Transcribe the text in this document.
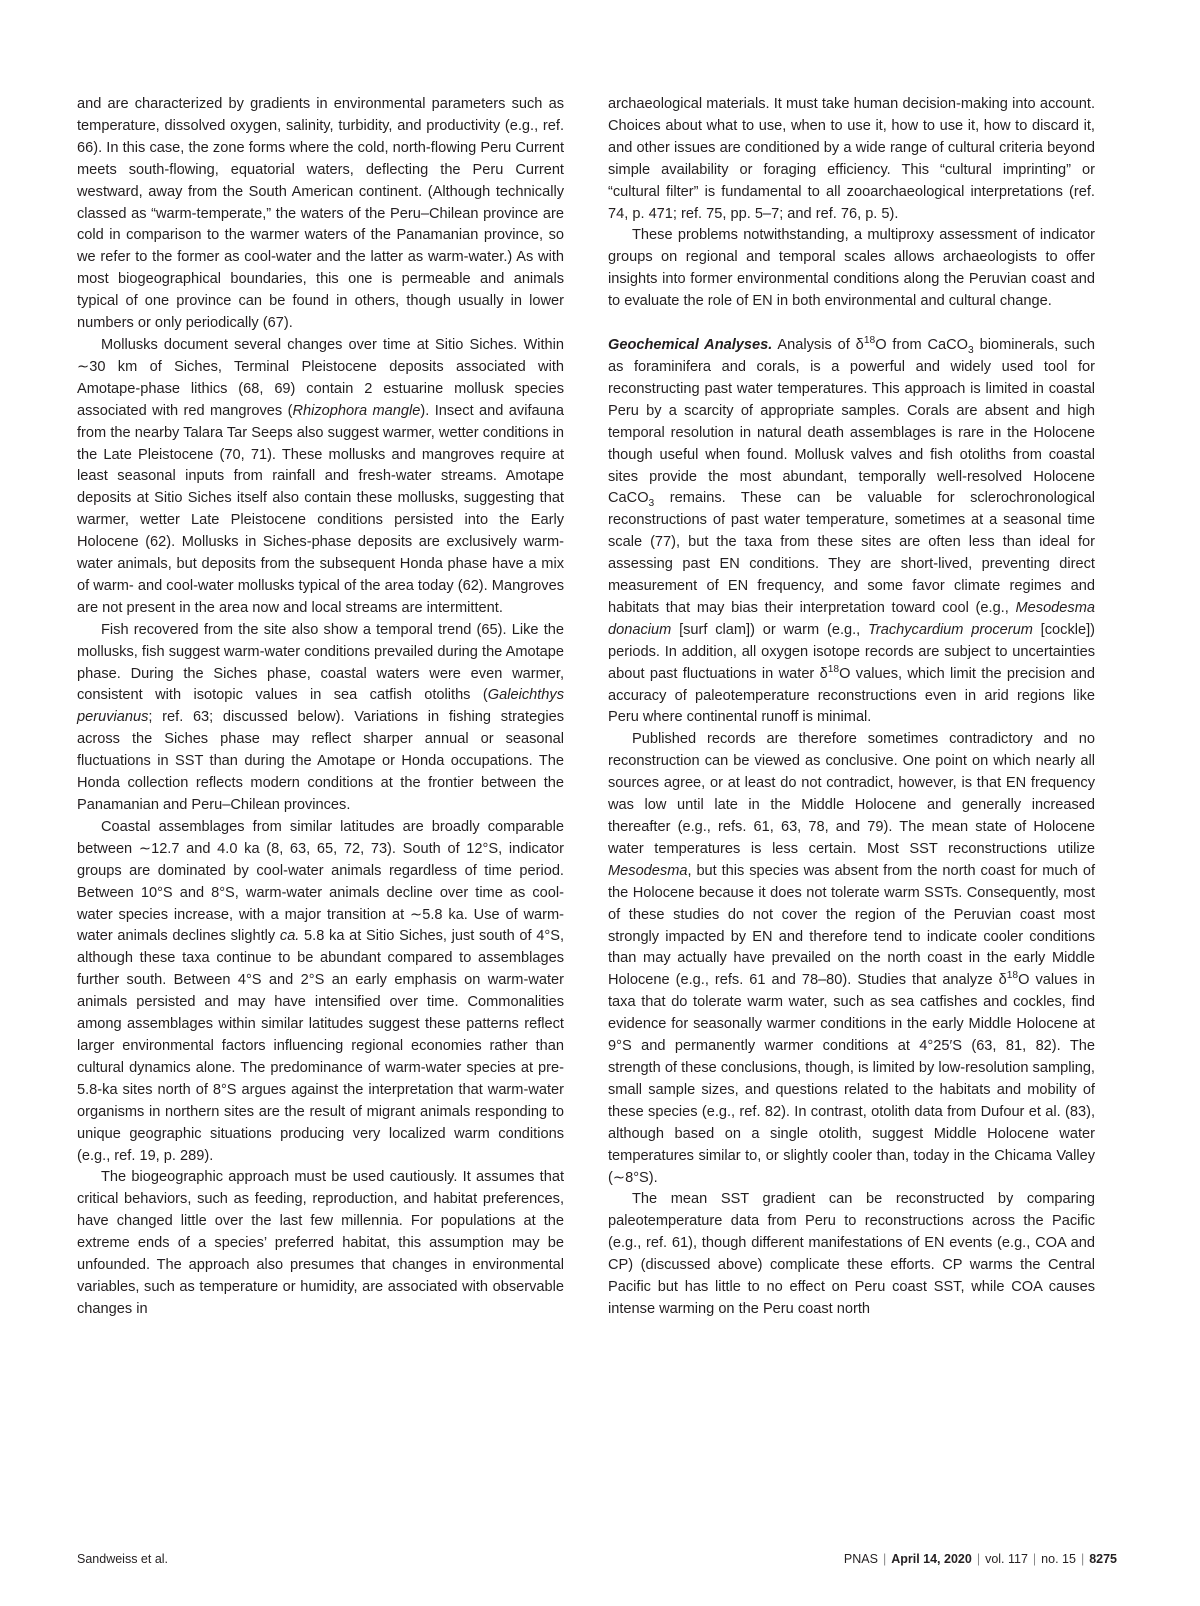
and are characterized by gradients in environmental parameters such as temperature, dissolved oxygen, salinity, turbidity, and productivity (e.g., ref. 66). In this case, the zone forms where the cold, north-flowing Peru Current meets south-flowing, equatorial waters, deflecting the Peru Current westward, away from the South American continent. (Although technically classed as “warm-temperate,” the waters of the Peru–Chilean province are cold in comparison to the warmer waters of the Panamanian province, so we refer to the former as cool-water and the latter as warm-water.) As with most biogeographical boundaries, this one is permeable and animals typical of one province can be found in others, though usually in lower numbers or only periodically (67).

Mollusks document several changes over time at Sitio Siches. Within ∼30 km of Siches, Terminal Pleistocene deposits associated with Amotape-phase lithics (68, 69) contain 2 estuarine mollusk species associated with red mangroves (Rhizophora mangle). Insect and avifauna from the nearby Talara Tar Seeps also suggest warmer, wetter conditions in the Late Pleistocene (70, 71). These mollusks and mangroves require at least seasonal inputs from rainfall and fresh-water streams. Amotape deposits at Sitio Siches itself also contain these mollusks, suggesting that warmer, wetter Late Pleistocene conditions persisted into the Early Holocene (62). Mollusks in Siches-phase deposits are exclusively warm-water animals, but deposits from the subsequent Honda phase have a mix of warm- and cool-water mollusks typical of the area today (62). Mangroves are not present in the area now and local streams are intermittent.

Fish recovered from the site also show a temporal trend (65). Like the mollusks, fish suggest warm-water conditions prevailed during the Amotape phase. During the Siches phase, coastal waters were even warmer, consistent with isotopic values in sea catfish otoliths (Galeichthys peruvianus; ref. 63; discussed below). Variations in fishing strategies across the Siches phase may reflect sharper annual or seasonal fluctuations in SST than during the Amotape or Honda occupations. The Honda collection reflects modern conditions at the frontier between the Panamanian and Peru–Chilean provinces.

Coastal assemblages from similar latitudes are broadly comparable between ∼12.7 and 4.0 ka (8, 63, 65, 72, 73). South of 12°S, indicator groups are dominated by cool-water animals regardless of time period. Between 10°S and 8°S, warm-water animals decline over time as cool-water species increase, with a major transition at ∼5.8 ka. Use of warm-water animals declines slightly ca. 5.8 ka at Sitio Siches, just south of 4°S, although these taxa continue to be abundant compared to assemblages further south. Between 4°S and 2°S an early emphasis on warm-water animals persisted and may have intensified over time. Commonalities among assemblages within similar latitudes suggest these patterns reflect larger environmental factors influencing regional economies rather than cultural dynamics alone. The predominance of warm-water species at pre-5.8-ka sites north of 8°S argues against the interpretation that warm-water organisms in northern sites are the result of migrant animals responding to unique geographic situations producing very localized warm conditions (e.g., ref. 19, p. 289).

The biogeographic approach must be used cautiously. It assumes that critical behaviors, such as feeding, reproduction, and habitat preferences, have changed little over the last few millennia. For populations at the extreme ends of a species’ preferred habitat, this assumption may be unfounded. The approach also presumes that changes in environmental variables, such as temperature or humidity, are associated with observable changes in

archaeological materials. It must take human decision-making into account. Choices about what to use, when to use it, how to use it, how to discard it, and other issues are conditioned by a wide range of cultural criteria beyond simple availability or foraging efficiency. This “cultural imprinting” or “cultural filter” is fundamental to all zooarchaeological interpretations (ref. 74, p. 471; ref. 75, pp. 5–7; and ref. 76, p. 5).

These problems notwithstanding, a multiproxy assessment of indicator groups on regional and temporal scales allows archaeologists to offer insights into former environmental conditions along the Peruvian coast and to evaluate the role of EN in both environmental and cultural change.

Geochemical Analyses. Analysis of $\delta^{18}O$ from CaCO$_3$ biominerals, such as foraminifera and corals, is a powerful and widely used tool for reconstructing past water temperatures. This approach is limited in coastal Peru by a scarcity of appropriate samples. Corals are absent and high temporal resolution in natural death assemblages is rare in the Holocene though useful when found. Mollusk valves and fish otoliths from coastal sites provide the most abundant, temporally well-resolved Holocene CaCO$_3$ remains. These can be valuable for sclerochronological reconstructions of past water temperature, sometimes at a seasonal time scale (77), but the taxa from these sites are often less than ideal for assessing past EN conditions. They are short-lived, preventing direct measurement of EN frequency, and some favor climate regimes and habitats that may bias their interpretation toward cool (e.g., Mesodesma donacium [surf clam]) or warm (e.g., Trachycardium procerum [cockle]) periods. In addition, all oxygen isotope records are subject to uncertainties about past fluctuations in water $\delta^{18}O$ values, which limit the precision and accuracy of paleotemperature reconstructions even in arid regions like Peru where continental runoff is minimal.

Published records are therefore sometimes contradictory and no reconstruction can be viewed as conclusive. One point on which nearly all sources agree, or at least do not contradict, however, is that EN frequency was low until late in the Middle Holocene and generally increased thereafter (e.g., refs. 61, 63, 78, and 79). The mean state of Holocene water temperatures is less certain. Most SST reconstructions utilize Mesodesma, but this species was absent from the north coast for much of the Holocene because it does not tolerate warm SSTs. Consequently, most of these studies do not cover the region of the Peruvian coast most strongly impacted by EN and therefore tend to indicate cooler conditions than may actually have prevailed on the north coast in the early Middle Holocene (e.g., refs. 61 and 78–80). Studies that analyze $\delta^{18}O$ values in taxa that do tolerate warm water, such as sea catfishes and cockles, find evidence for seasonally warmer conditions in the early Middle Holocene at 9°S and permanently warmer conditions at 4°25′S (63, 81, 82). The strength of these conclusions, though, is limited by low-resolution sampling, small sample sizes, and questions related to the habitats and mobility of these species (e.g., ref. 82). In contrast, otolith data from Dufour et al. (83), although based on a single otolith, suggest Middle Holocene water temperatures similar to, or slightly cooler than, today in the Chicama Valley (∼8°S).

The mean SST gradient can be reconstructed by comparing paleotemperature data from Peru to reconstructions across the Pacific (e.g., ref. 61), though different manifestations of EN events (e.g., COA and CP) (discussed above) complicate these efforts. CP warms the Central Pacific but has little to no effect on Peru coast SST, while COA causes intense warming on the Peru coast north

Sandweiss et al.	PNAS | April 14, 2020 | vol. 117 | no. 15 | 8275
